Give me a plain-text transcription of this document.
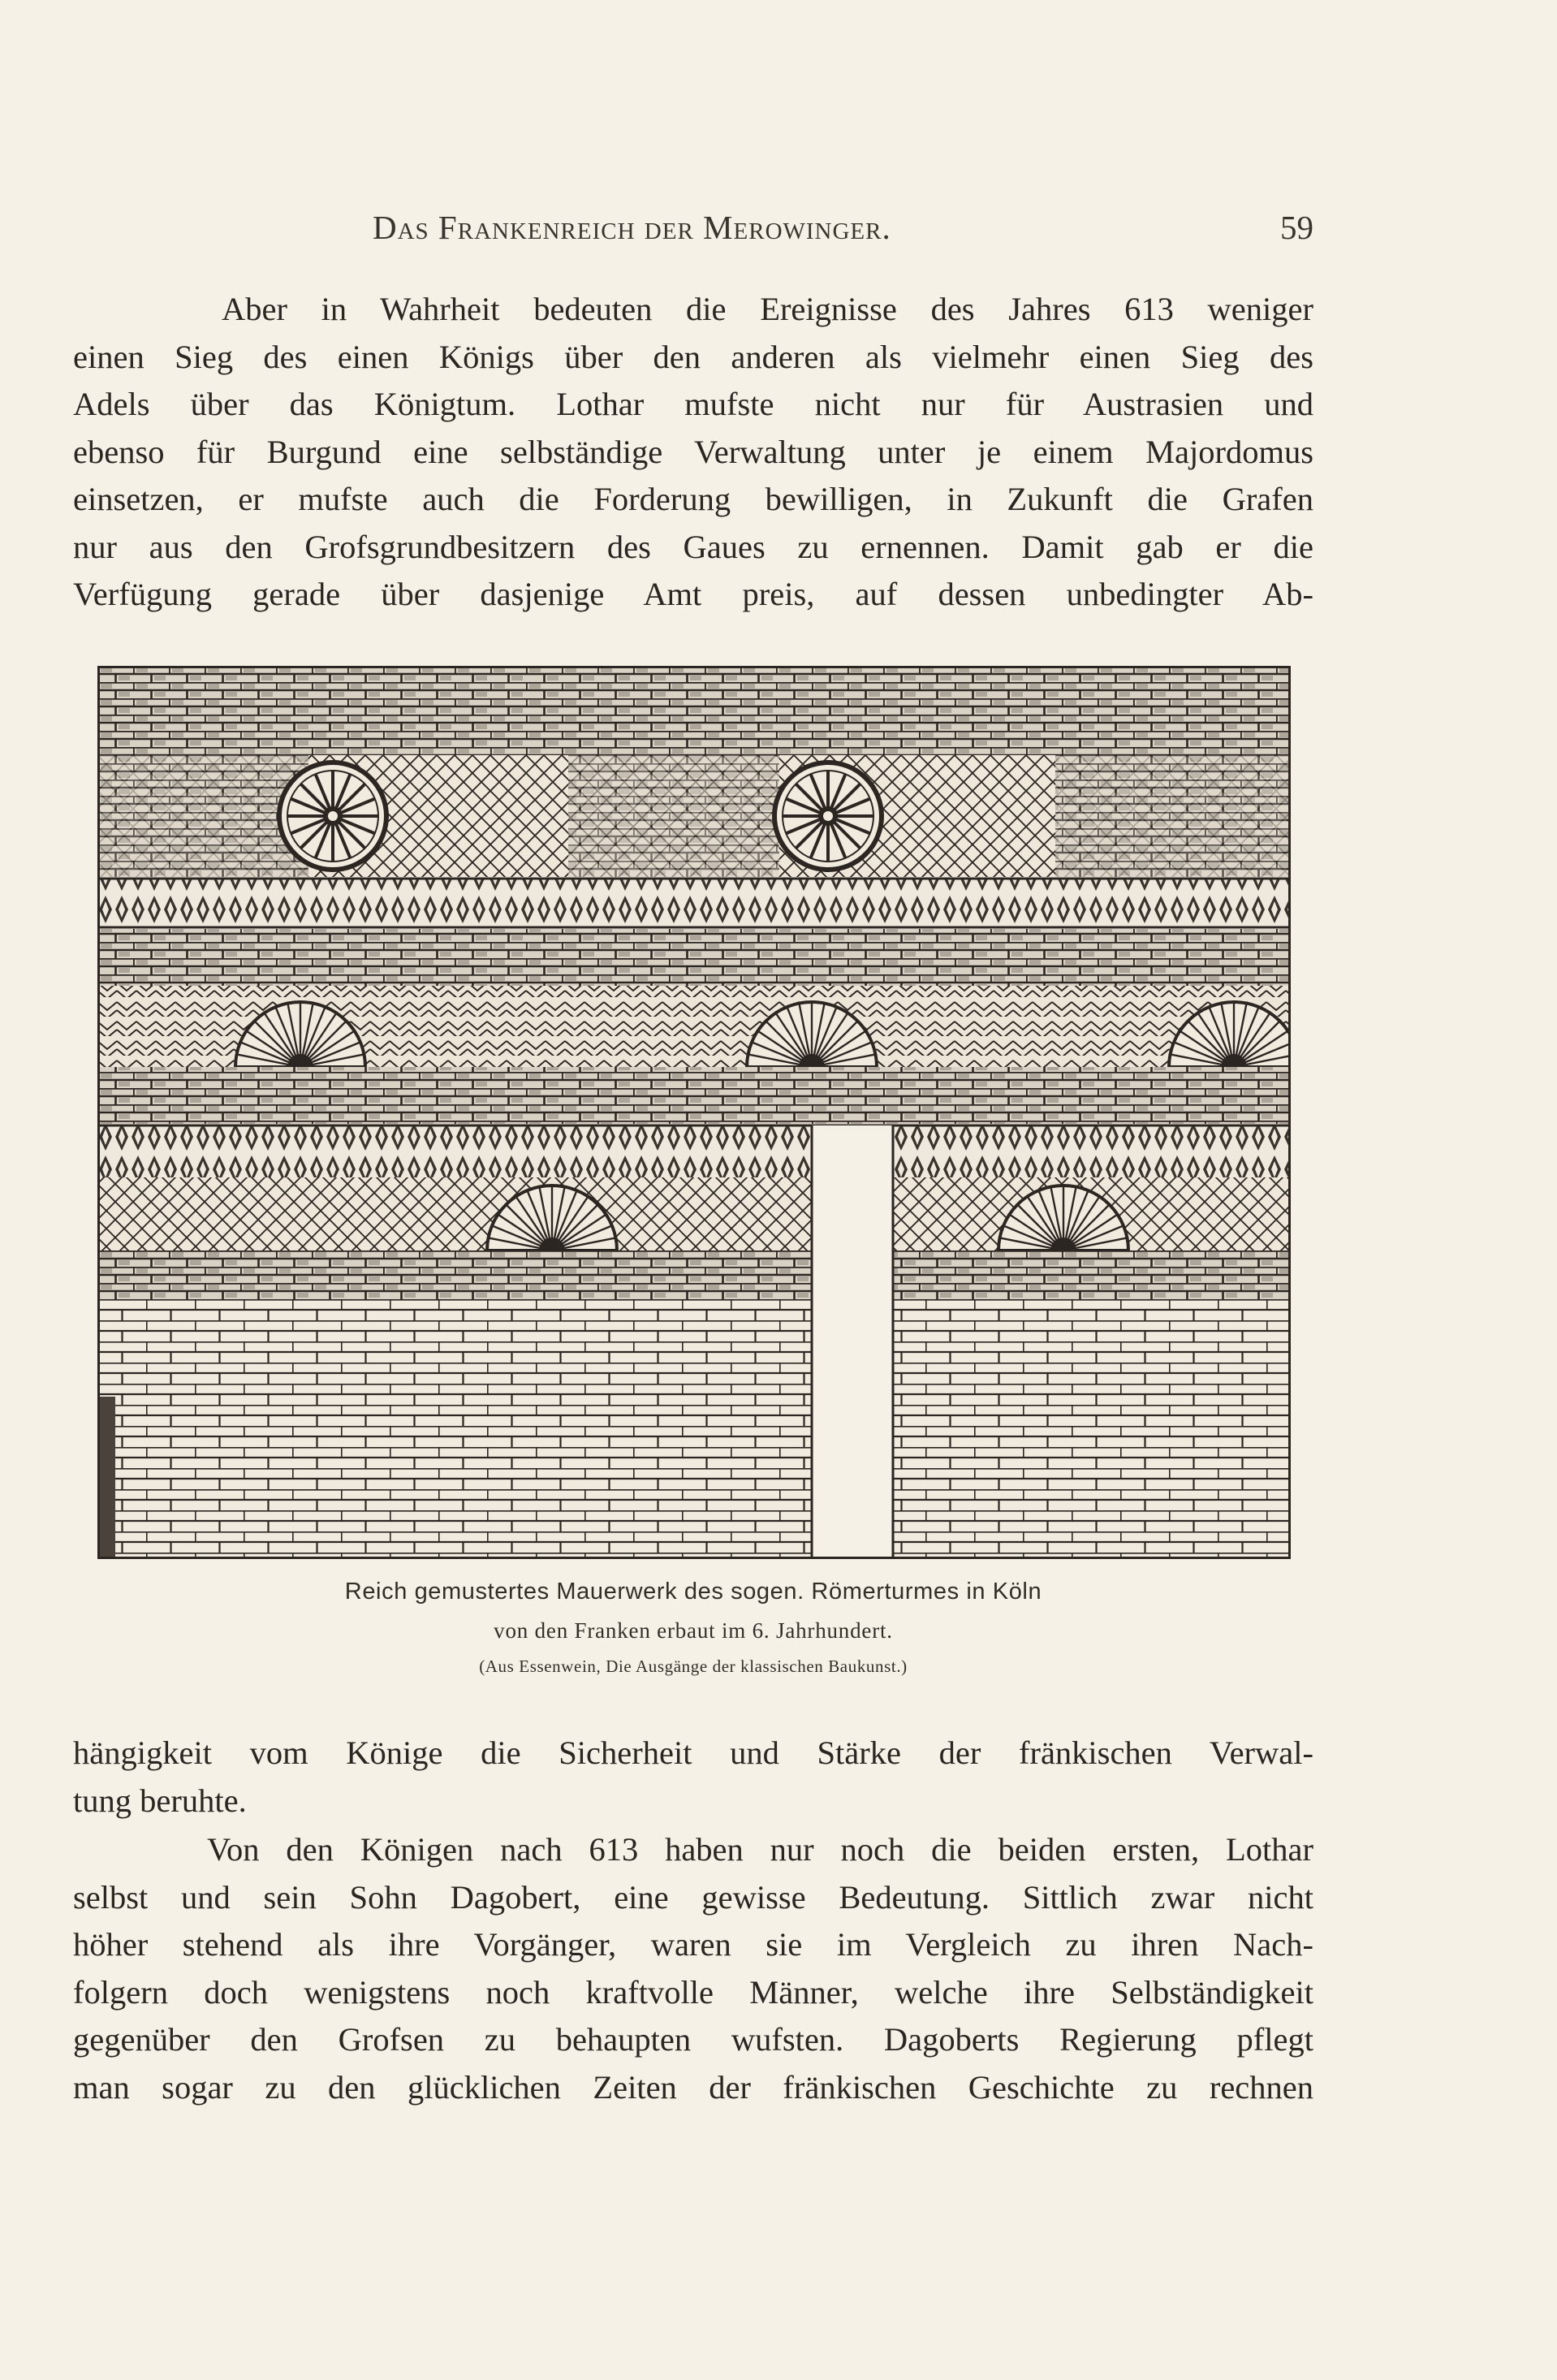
Das Frankenreich der Merowinger.	59
Aber in Wahrheit bedeuten die Ereignisse des Jahres 613 weniger
einen Sieg des einen Königs über den anderen als vielmehr einen Sieg des
Adels über das Königtum. Lothar mufste nicht nur für Austrasien und
ebenso für Burgund eine selbständige Verwaltung unter je einem Majordomus
einsetzen, er mufste auch die Forderung bewilligen, in Zukunft die Grafen
nur aus den Grofsgrundbesitzern des Gaues zu ernennen. Damit gab er die
Verfügung gerade über dasjenige Amt preis, auf dessen unbedingter Ab-
Reich gemustertes Mauerwerk des sogen. Römerturmes in Köln
von den Franken erbaut im 6. Jahrhundert.
(Aus Essenwein, Die Ausgänge der klassischen Baukunst.)
hängigkeit vom Könige die Sicherheit und Stärke der fränkischen Verwal-
tung beruhte.
Von den Königen nach 613 haben nur noch die beiden ersten, Lothar
selbst und sein Sohn Dagobert, eine gewisse Bedeutung. Sittlich zwar nicht
höher stehend als ihre Vorgänger, waren sie im Vergleich zu ihren Nach-
folgern doch wenigstens noch kraftvolle Männer, welche ihre Selbständigkeit
gegenüber den Grofsen zu behaupten wufsten. Dagoberts Regierung pflegt
man sogar zu den glücklichen Zeiten der fränkischen Geschichte zu rechnen
